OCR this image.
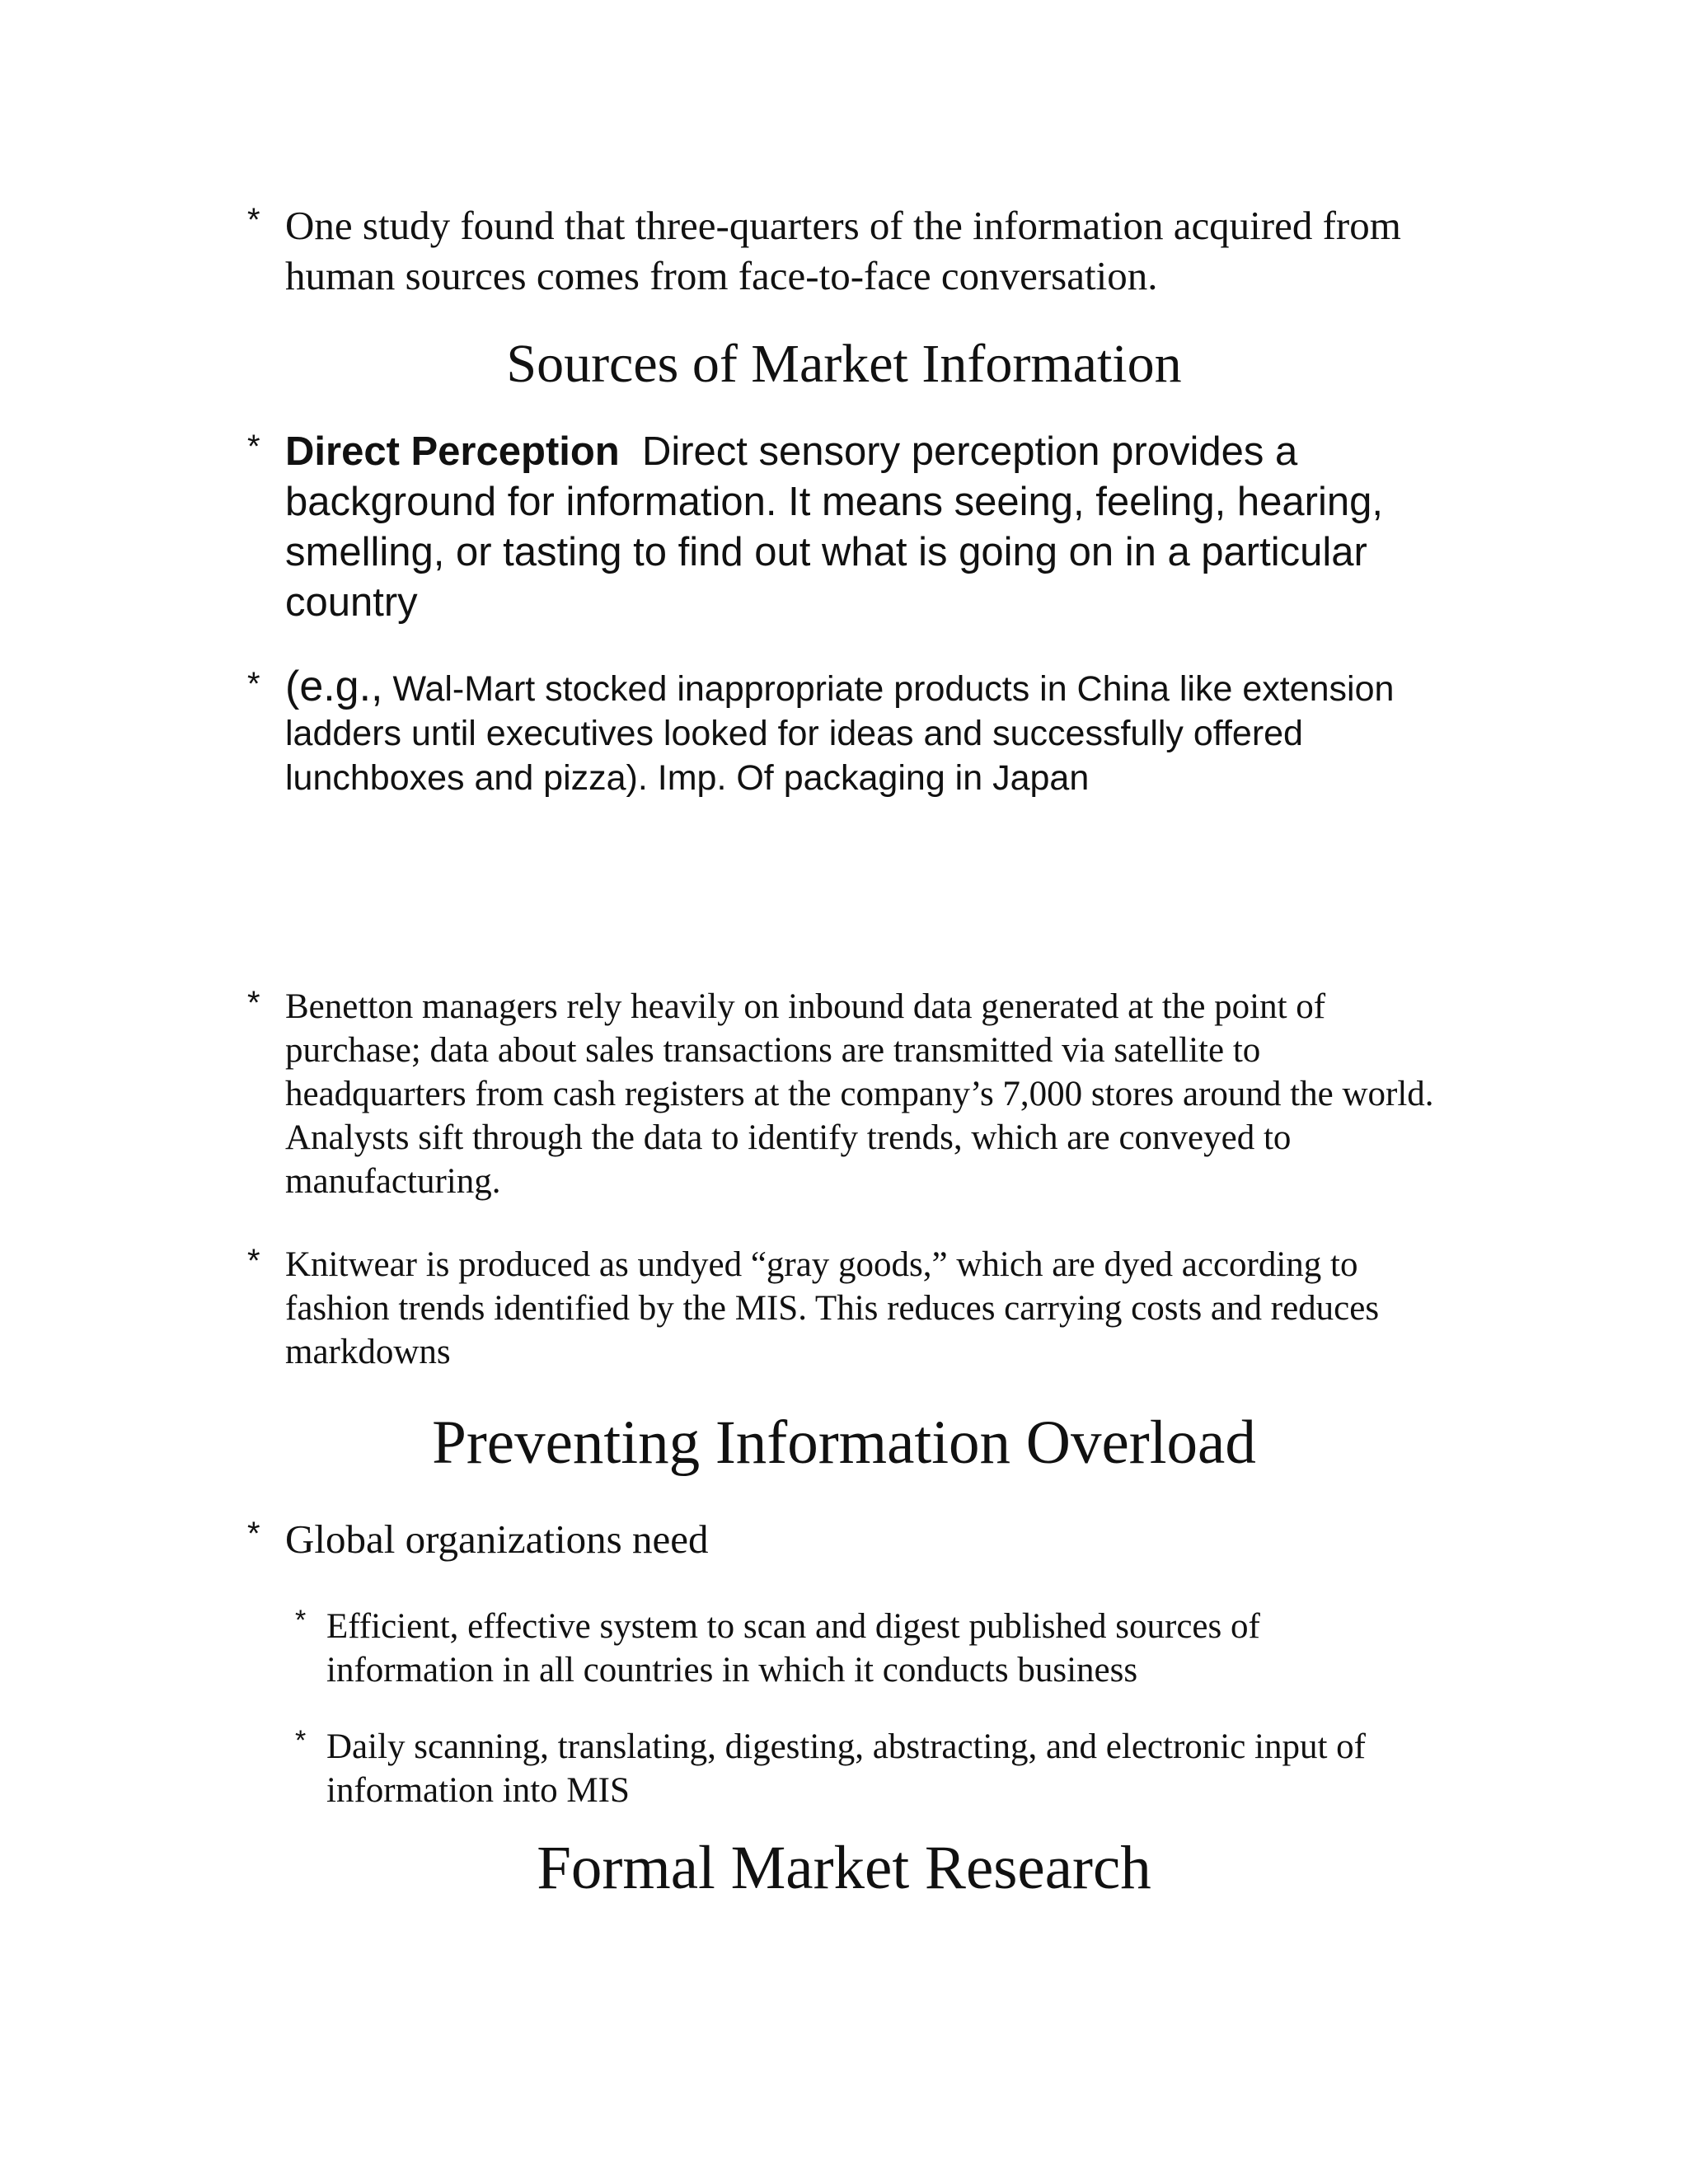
* One study found that three-quarters of the information acquired from human sources comes from face-to-face conversation.
Sources of Market Information
* Direct Perception Direct sensory perception provides a background for information. It means seeing, feeling, hearing, smelling, or tasting to find out what is going on in a particular country
* (e.g., Wal-Mart stocked inappropriate products in China like extension ladders until executives looked for ideas and successfully offered lunchboxes and pizza). Imp. Of packaging in Japan
* Benetton managers rely heavily on inbound data generated at the point of purchase; data about sales transactions are transmitted via satellite to headquarters from cash registers at the company’s 7,000 stores around the world. Analysts sift through the data to identify trends, which are conveyed to manufacturing.
* Knitwear is produced as undyed “gray goods,” which are dyed according to fashion trends identified by the MIS. This reduces carrying costs and reduces markdowns
Preventing Information Overload
* Global organizations need
* Efficient, effective system to scan and digest published sources of information in all countries in which it conducts business
* Daily scanning, translating, digesting, abstracting, and electronic input of information into MIS
Formal Market Research
